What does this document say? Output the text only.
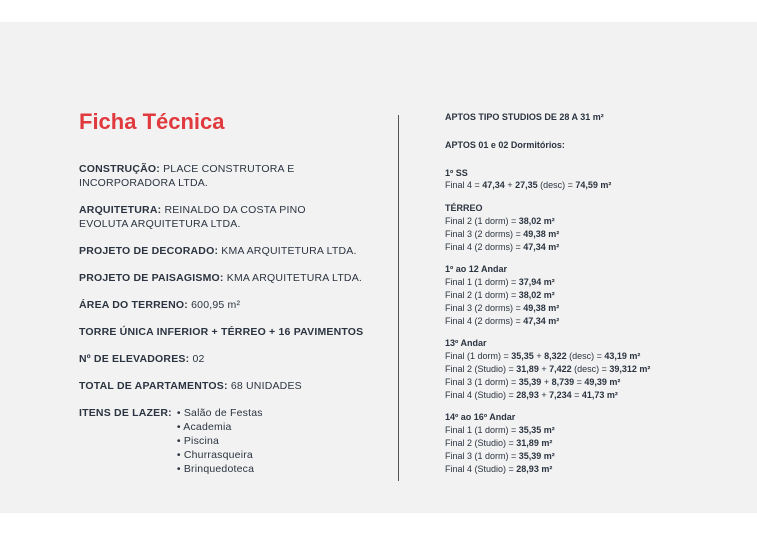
Ficha Técnica
CONSTRUÇÃO: PLACE CONSTRUTORA E
INCORPORADORA LTDA.
ARQUITETURA: REINALDO DA COSTA PINO
EVOLUTA ARQUITETURA LTDA.
PROJETO DE DECORADO: KMA ARQUITETURA LTDA.
PROJETO DE PAISAGISMO: KMA ARQUITETURA LTDA.
ÁREA DO TERRENO: 600,95 m²
TORRE ÚNICA INFERIOR + TÉRREO + 16 PAVIMENTOS
Nº DE ELEVADORES: 02
TOTAL DE APARTAMENTOS: 68 UNIDADES
ITENS DE LAZER:
•	Salão de Festas
• Academia
• Piscina
• Churrasqueira
• Brinquedoteca

APTOS TIPO STUDIOS DE 28 A 31 m²

APTOS 01 e 02 Dormitórios:

1º SS
Final 4 = 47,34 + 27,35 (desc) = 74,59 m²
TÉRREO
Final 2 (1 dorm) = 38,02 m²
Final 3 (2 dorms) = 49,38 m²
Final 4 (2 dorms) = 47,34 m²
1º ao 12 Andar
Final 1 (1 dorm) = 37,94 m²
Final 2 (1 dorm) = 38,02 m²
Final 3 (2 dorms) = 49,38 m²
Final 4 (2 dorms) = 47,34 m²
13º Andar
Final (1 dorm) = 35,35 + 8,322 (desc) = 43,19 m²
Final 2 (Studio) = 31,89 + 7,422 (desc) = 39,312 m²
Final 3 (1 dorm) = 35,39 + 8,739 = 49,39 m²
Final 4 (Studio) = 28,93 + 7,234 = 41,73 m²
14º ao 16º Andar
Final 1 (1 dorm) = 35,35 m²
Final 2 (Studio) = 31,89 m²
Final 3 (1 dorm) = 35,39 m²
Final 4 (Studio) = 28,93 m²
